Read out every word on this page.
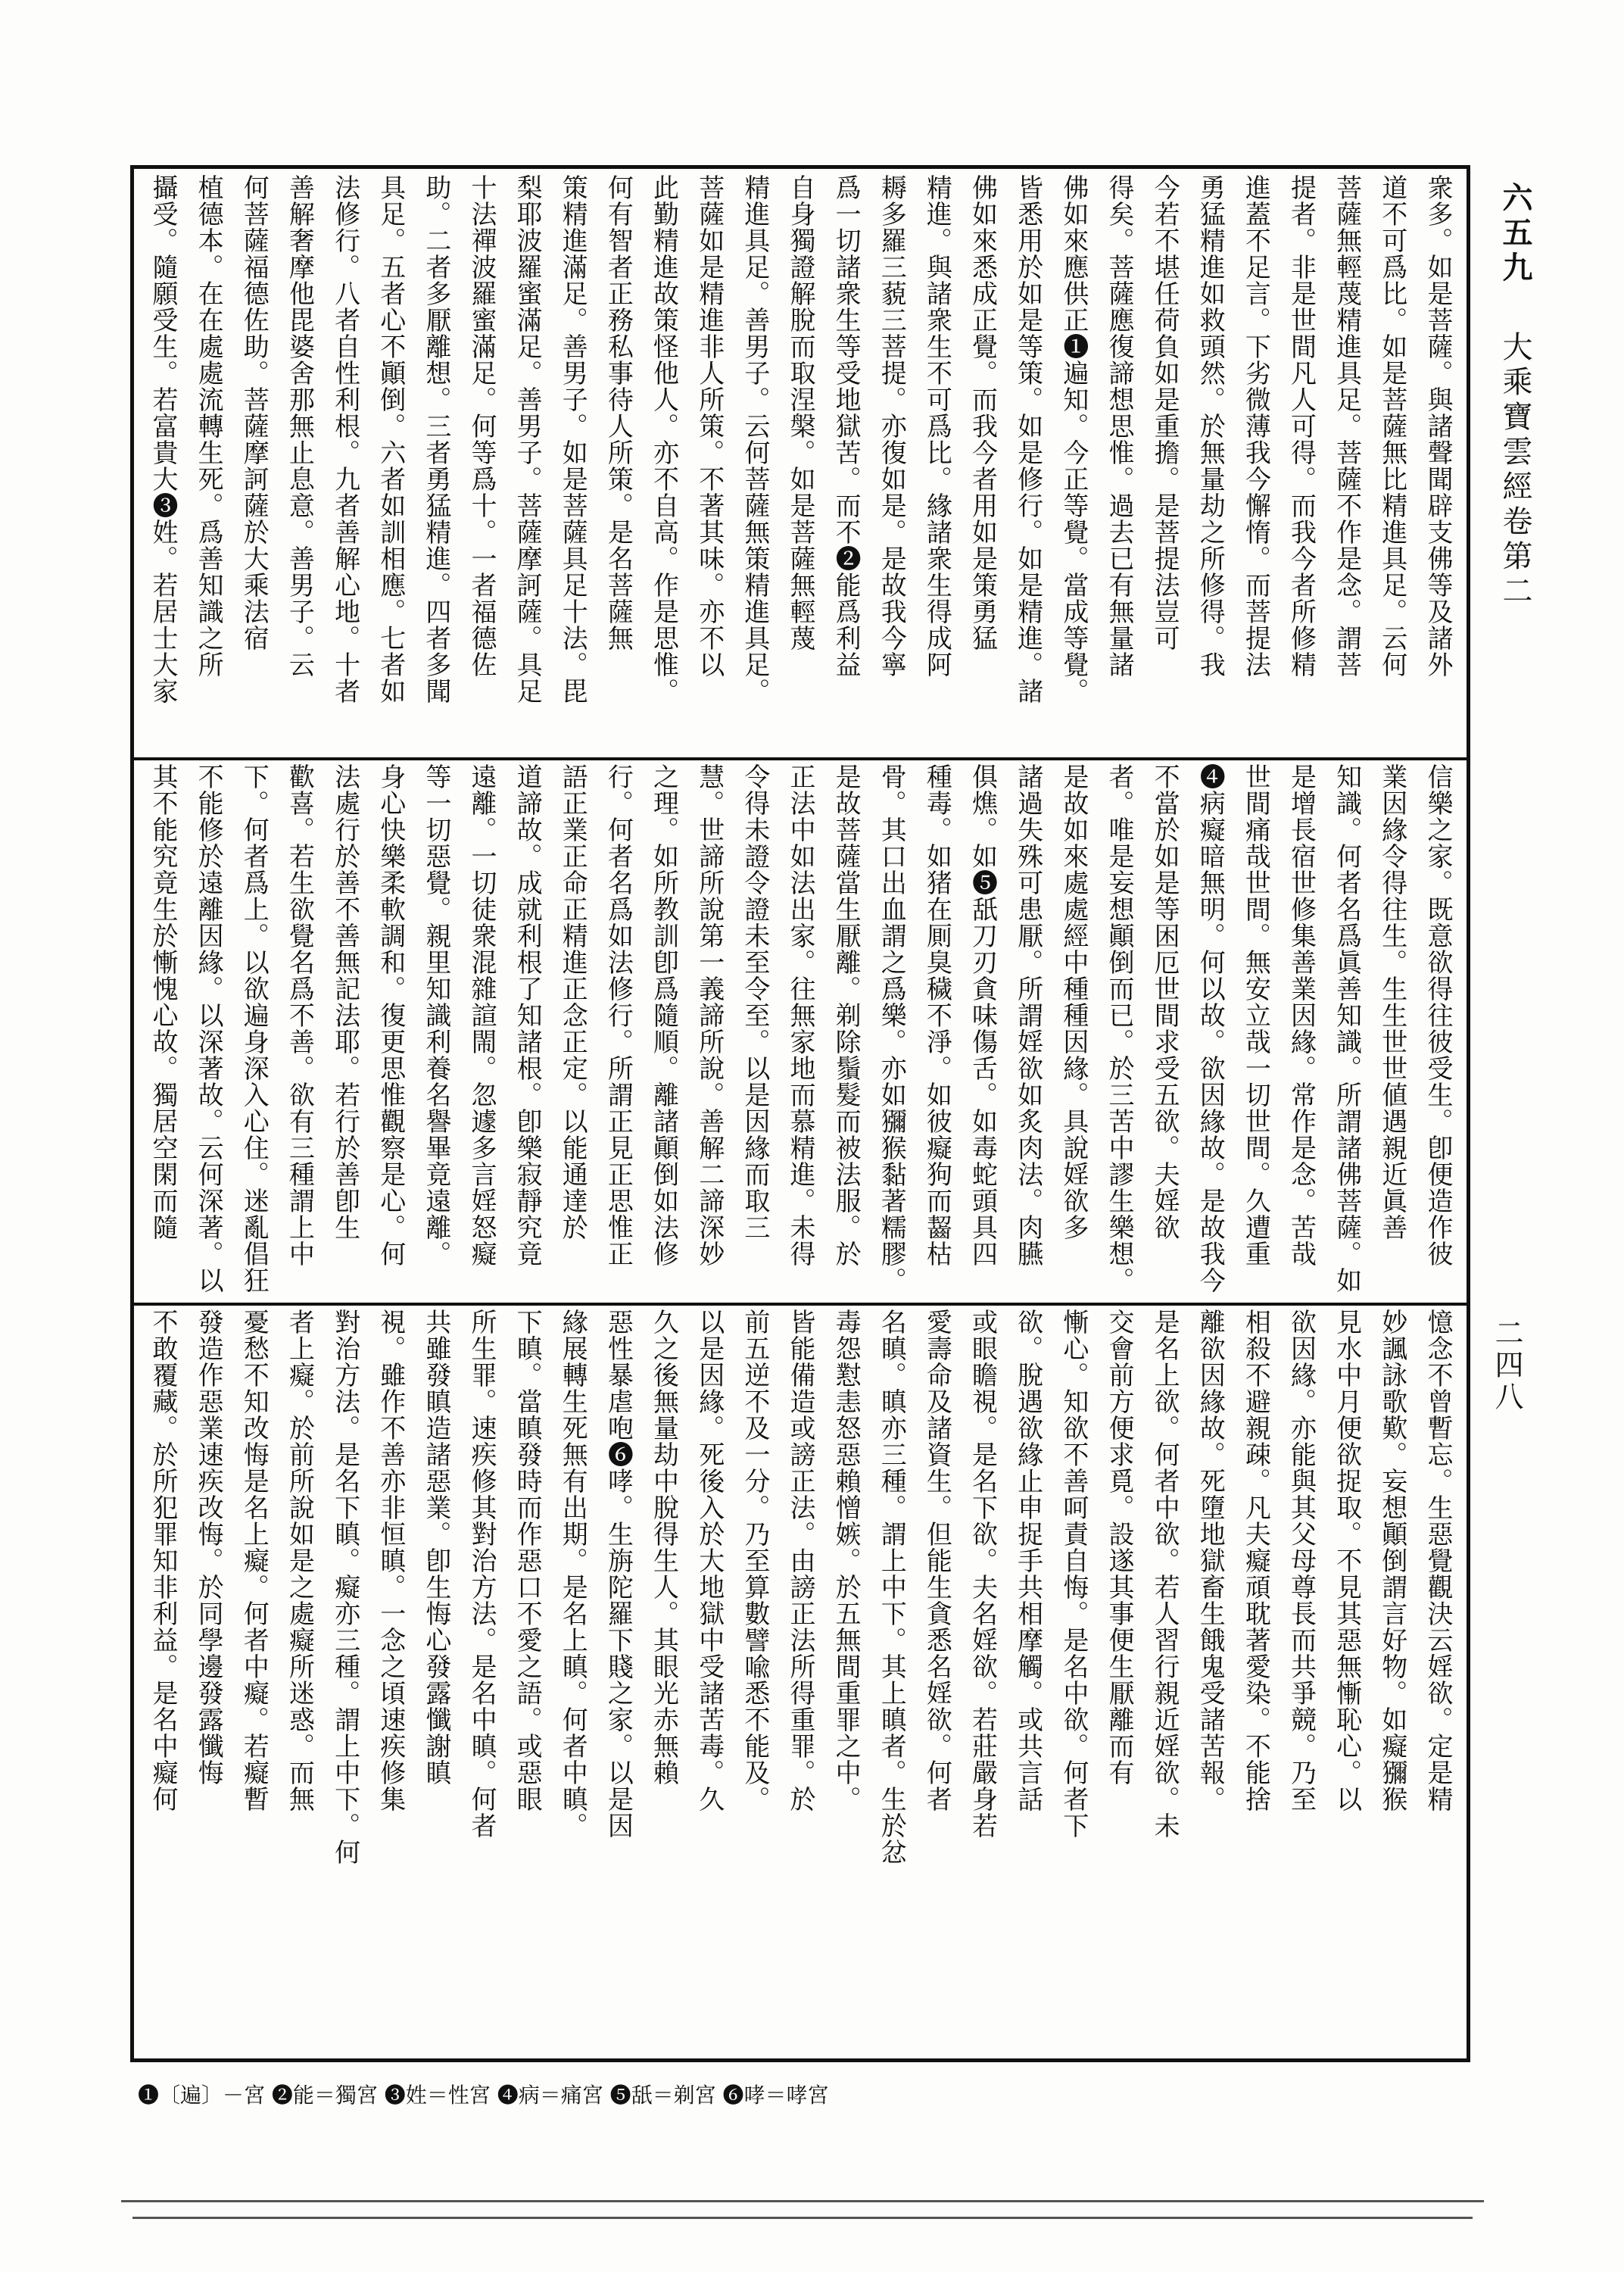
六五九 大乘寶雲經卷第二
二四八
衆多。如是菩薩。與諸聲聞辟支佛等及諸外
道不可爲比。如是菩薩無比精進具足。云何
菩薩無輕蔑精進具足。菩薩不作是念。謂菩
提者。非是世間凡人可得。而我今者所修精
進蓋不足言。下劣微薄我今懈惰。而菩提法
勇猛精進如救頭然。於無量劫之所修得。我
今若不堪任荷負如是重擔。是菩提法豈可
得矣。菩薩應復諦想思惟。過去已有無量諸
佛如來應供正❶遍知。今正等覺。當成等覺。
皆悉用於如是等策。如是修行。如是精進。諸
佛如來悉成正覺。而我今者用如是策勇猛
精進。與諸衆生不可爲比。緣諸衆生得成阿
耨多羅三藐三菩提。亦復如是。是故我今寧
爲一切諸衆生等受地獄苦。而不❷能爲利益
自身獨證解脫而取涅槃。如是菩薩無輕蔑
精進具足。善男子。云何菩薩無策精進具足。
菩薩如是精進非人所策。不著其味。亦不以
此勤精進故策怪他人。亦不自高。作是思惟。
何有智者正務私事待人所策。是名菩薩無
策精進滿足。善男子。如是菩薩具足十法。毘
梨耶波羅蜜滿足。善男子。菩薩摩訶薩。具足
十法禪波羅蜜滿足。何等爲十。一者福德佐
助。二者多厭離想。三者勇猛精進。四者多聞
具足。五者心不顚倒。六者如訓相應。七者如
法修行。八者自性利根。九者善解心地。十者
善解奢摩他毘婆舍那無止息意。善男子。云
何菩薩福德佐助。菩薩摩訶薩於大乘法宿
植德本。在在處處流轉生死。爲善知識之所
攝受。隨願受生。若富貴大❸姓。若居士大家
信樂之家。既意欲得往彼受生。卽便造作彼
業因緣令得往生。生生世世値遇親近眞善
知識。何者名爲眞善知識。所謂諸佛菩薩。如
是增長宿世修集善業因緣。常作是念。苦哉
世間痛哉世間。無安立哉一切世間。久遭重
❹病癡暗無明。何以故。欲因緣故。是故我今
不當於如是等困厄世間求受五欲。夫婬欲
者。唯是妄想顚倒而已。於三苦中謬生樂想。
是故如來處處經中種種因緣。具說婬欲多
諸過失殊可患厭。所謂婬欲如炙肉法。肉臙
俱燋。如❺舐刀刃貪味傷舌。如毒蛇頭具四
種毒。如猪在厠臭穢不淨。如彼癡狗而齧枯
骨。其口出血謂之爲樂。亦如獼猴黏著糯膠。
是故菩薩當生厭離。剃除鬚髮而被法服。於
正法中如法出家。往無家地而慕精進。未得
令得未證令證未至令至。以是因緣而取三
慧。世諦所說第一義諦所說。善解二諦深妙
之理。如所教訓卽爲隨順。離諸顚倒如法修
行。何者名爲如法修行。所謂正見正思惟正
語正業正命正精進正念正定。以能通達於
道諦故。成就利根了知諸根。卽樂寂靜究竟
遠離。一切徒衆混雜諠閙。忽遽多言婬怒癡
等一切惡覺。親里知識利養名譽畢竟遠離。
身心快樂柔軟調和。復更思惟觀察是心。何
法處行於善不善無記法耶。若行於善卽生
歡喜。若生欲覺名爲不善。欲有三種謂上中
下。何者爲上。以欲遍身深入心住。迷亂倡狂
不能修於遠離因緣。以深著故。云何深著。以
其不能究竟生於慚愧心故。獨居空閑而隨
憶念不曾暫忘。生惡覺觀決云婬欲。定是精
妙諷詠歌歎。妄想顚倒謂言好物。如癡獼猴
見水中月便欲捉取。不見其惡無慚恥心。以
欲因緣。亦能與其父母尊長而共爭競。乃至
相殺不避親疎。凡夫癡頑耽著愛染。不能捨
離欲因緣故。死墮地獄畜生餓鬼受諸苦報。
是名上欲。何者中欲。若人習行親近婬欲。未
交會前方便求覓。設遂其事便生厭離而有
慚心。知欲不善呵責自悔。是名中欲。何者下
欲。脫遇欲緣止申捉手共相摩觸。或共言話
或眼瞻視。是名下欲。夫名婬欲。若莊嚴身若
愛壽命及諸資生。但能生貪悉名婬欲。何者
名瞋。瞋亦三種。謂上中下。其上瞋者。生於忿
毒怨懟恚怒惡賴憎嫉。於五無間重罪之中。
皆能備造或謗正法。由謗正法所得重罪。於
前五逆不及一分。乃至算數譬喩悉不能及。
以是因緣。死後入於大地獄中受諸苦毒。久
久之後無量劫中脫得生人。其眼光赤無賴
惡性暴虐咆❻哮。生旃陀羅下賤之家。以是因
緣展轉生死無有出期。是名上瞋。何者中瞋。
下瞋。當瞋發時而作惡口不愛之語。或惡眼
所生罪。速疾修其對治方法。是名中瞋。何者
共雖發瞋造諸惡業。卽生悔心發露懺謝瞋
視。雖作不善亦非恒瞋。一念之頃速疾修集
對治方法。是名下瞋。癡亦三種。謂上中下。何
者上癡。於前所說如是之處癡所迷惑。而無
憂愁不知改悔是名上癡。何者中癡。若癡暫
發造作惡業速疾改悔。於同學邊發露懺悔
不敢覆藏。於所犯罪知非利益。是名中癡何
❶〔遍〕－宮 ❷能＝獨宮 ❸姓＝性宮 ❹病＝痛宮 ❺舐＝剃宮 ❻哮＝哮宮
